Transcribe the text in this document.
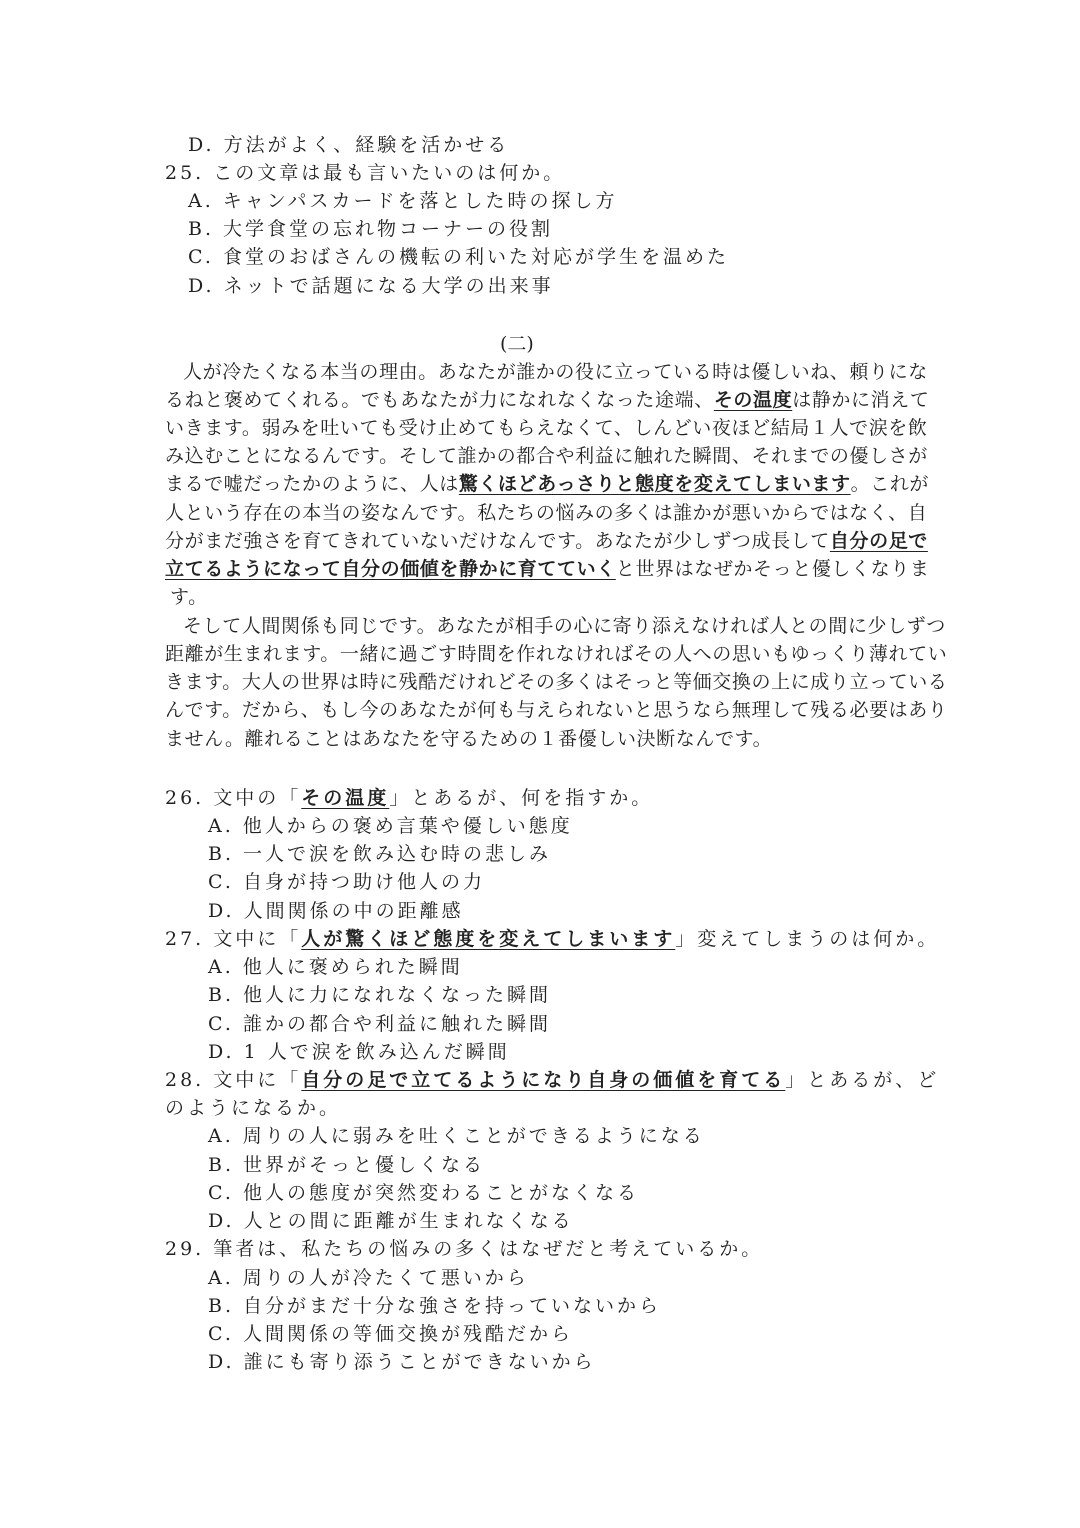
D. 方法がよく、経験を活かせる
25. この文章は最も言いたいのは何か。
A. キャンパスカードを落とした時の探し方
B. 大学食堂の忘れ物コーナーの役割
C. 食堂のおばさんの機転の利いた対応が学生を温めた
D. ネットで話題になる大学の出来事
(二)
人が冷たくなる本当の理由。あなたが誰かの役に立っている時は優しいね、頼りにな
るねと褒めてくれる。でもあなたが力になれなくなった途端、その温度は静かに消えて
いきます。弱みを吐いても受け止めてもらえなくて、しんどい夜ほど結局１人で涙を飲
み込むことになるんです。そして誰かの都合や利益に触れた瞬間、それまでの優しさが
まるで嘘だったかのように、人は驚くほどあっさりと態度を変えてしまいます。これが
人という存在の本当の姿なんです。私たちの悩みの多くは誰かが悪いからではなく、自
分がまだ強さを育てきれていないだけなんです。あなたが少しずつ成長して自分の足で
立てるようになって自分の価値を静かに育てていくと世界はなぜかそっと優しくなりま
す。
そして人間関係も同じです。あなたが相手の心に寄り添えなければ人との間に少しずつ
距離が生まれます。一緒に過ごす時間を作れなければその人への思いもゆっくり薄れてい
きます。大人の世界は時に残酷だけれどその多くはそっと等価交換の上に成り立っている
んです。だから、もし今のあなたが何も与えられないと思うなら無理して残る必要はあり
ません。離れることはあなたを守るための１番優しい決断なんです。
26. 文中の「その温度」とあるが、何を指すか。
A. 他人からの褒め言葉や優しい態度
B. 一人で涙を飲み込む時の悲しみ
C. 自身が持つ助け他人の力
D. 人間関係の中の距離感
27. 文中に「人が驚くほど態度を変えてしまいます」変えてしまうのは何か。
A. 他人に褒められた瞬間
B. 他人に力になれなくなった瞬間
C. 誰かの都合や利益に触れた瞬間
D. 1 人で涙を飲み込んだ瞬間
28. 文中に「自分の足で立てるようになり自身の価値を育てる」とあるが、ど
のようになるか。
A. 周りの人に弱みを吐くことができるようになる
B. 世界がそっと優しくなる
C. 他人の態度が突然変わることがなくなる
D. 人との間に距離が生まれなくなる
29. 筆者は、私たちの悩みの多くはなぜだと考えているか。
A. 周りの人が冷たくて悪いから
B. 自分がまだ十分な強さを持っていないから
C. 人間関係の等価交換が残酷だから
D. 誰にも寄り添うことができないから
